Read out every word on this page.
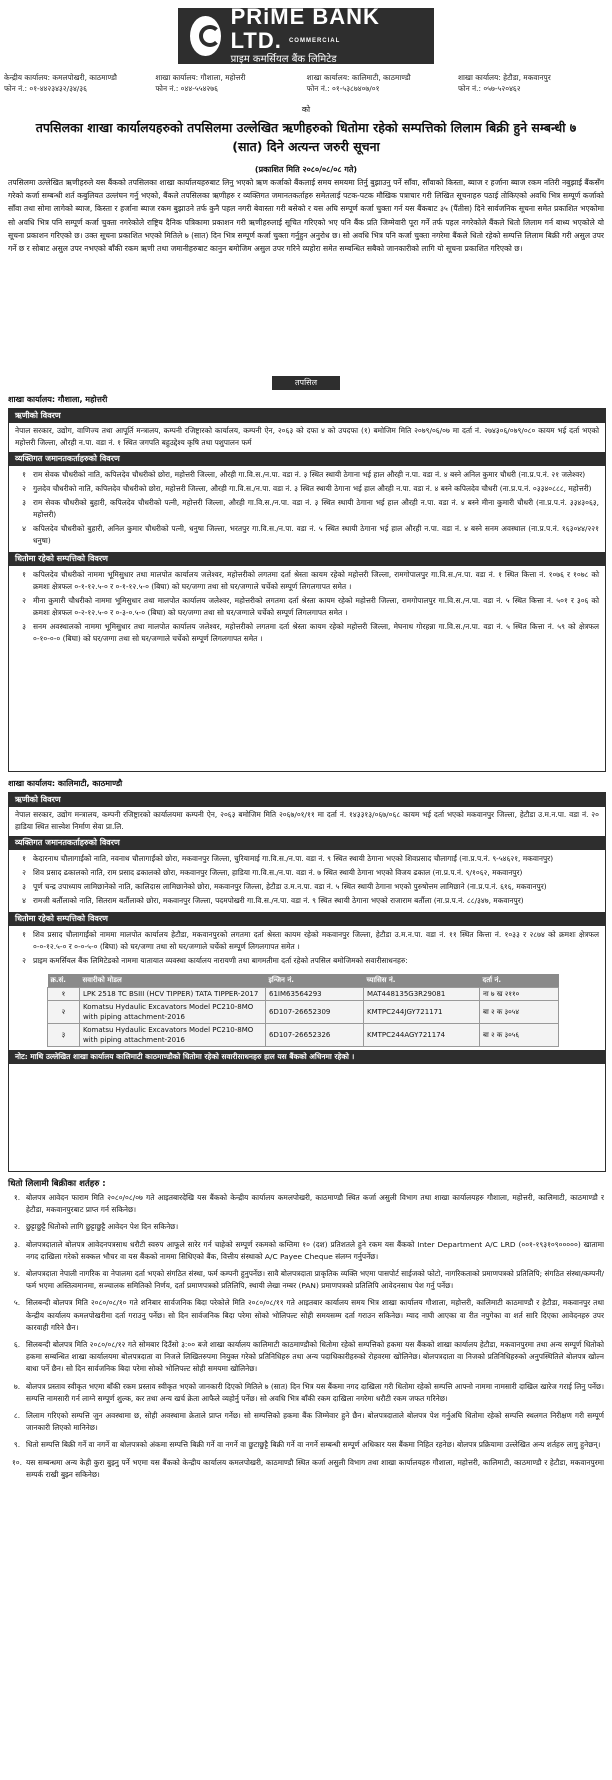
PRiME BANK LTD. $^{COMMERCIAL}$
प्राइम कमर्सियल बैंक लिमिटेड
केन्द्रीय कार्यालय: कमलपोखरी, काठमाण्डौ
फोन नं.: ०१-४४२३४३२/३४/३६
शाखा कार्यालय: गौशाला, महोत्तरी
फोन नं.: ०४४-५५४२७६
शाखा कार्यालय: कालिमाटी, काठमाण्डौ
फोन नं.: ०१-५३८७४०७/०१
शाखा कार्यालय: हेटौडा, मकवानपुर
फोन नं.: ०५७-५२०४६२
को
तपसिलका शाखा कार्यालयहरुको तपसिलमा उल्लेखित ऋणीहरुको धितोमा रहेको सम्पत्तिको लिलाम बिक्री हुने सम्बन्धी ७ (सात) दिने अत्यन्त जरुरी सूचना
(प्रकाशित मिति २०८०/०८/०८ गते)
तपसिलमा उल्लेखित ऋणीहरुले यस बैंकको तपसिलका शाखा कार्यालयहरुबाट लिनु भएको ऋण कर्जाको बैंकलाई समय समयमा तिर्नु बुझाउनु पर्ने साँवा, साँवाको किस्ता, ब्याज र हर्जाना ब्याज रकम नतिरी नबुझाई बैंकसँग गरेको कर्जा सम्बन्धी शर्त कबुलियत उल्लंघन गर्नु भएको, बैंकले तपसिलका ऋणीहरु र व्यक्तिगत जमानतकर्ताहरु समेतलाई पटक-पटक मौखिक पत्राचार गरी लिखित सूचनाहरु पठाई तोकिएको अवधि भित्र सम्पूर्ण कर्जाको साँवा तथा सोमा लागेको ब्याज, किस्ता र हर्जाना ब्याज रकम बुझाउने तर्फ कुनै पहल नगरी बेवास्ता गरी बसेको र यस अघि सम्पूर्ण कर्जा चुक्ता गर्न यस बैंकबाट ३५ (पैंतीस) दिने सार्वजनिक सूचना समेत प्रकाशित भएकोमा सो अवधि भित्र पनि सम्पूर्ण कर्जा चुक्ता नगरेकोले राष्ट्रिय दैनिक पत्रिकामा प्रकाशन गरी ऋणीहरुलाई सूचित गरिएको भए पनि बैंक प्रति जिम्मेवारी पूरा गर्ने तर्फ पहल नगरेकोले बैंकले धितो लिलाम गर्न बाध्य भएकोले यो सूचना प्रकाशन गरिएको छ। उक्त सूचना प्रकाशित भएको मितिले ७ (सात) दिन भित्र सम्पूर्ण कर्जा चुक्ता गर्नुहुन अनुरोध छ। सो अवधि भित्र पनि कर्जा चुक्ता नगरेमा बैंकले धितो रहेको सम्पत्ति लिलाम बिक्री गरी असुल उपर गर्ने छ र सोबाट असुल उपर नभएको बाँकी रकम ऋणी तथा जमानीहरुबाट कानुन बमोजिम असुल उपर गरिने व्यहोरा समेत सम्बन्धित सबैको जानकारीको लागि यो सूचना प्रकाशित गरिएको छ।
तपसिल
शाखा कार्यालय: गौशाला, महोत्तरी
ऋणीको विवरण
नेपाल सरकार, उद्योग, वाणिज्य तथा आपूर्ति मन्त्रालय, कम्पनी रजिष्ट्रारको कार्यालय, कम्पनी ऐन, २०६३ को दफा ४ को उपदफा (१) बमोजिम मिति २०७९/०६/०७ मा दर्ता नं. २७४३०६/०७९/०८० कायम भई दर्ता भएको महोत्तरी जिल्ला, औरही न.पा. वडा नं. १ स्थित जगपति बहुउद्देश्य कृषि तथा पशुपालन फर्म
व्यक्तिगत जमानतकर्ताहरुको विवरण
१ राम सेवक चौधरीको नाति, कपिलदेव चौधरीको छोरा, महोत्तरी जिल्ला, औरही गा.वि.स./न.पा. वडा नं. ३ स्थित स्थायी ठेगाना भई हाल औरही न.पा. वडा नं. ४ बस्ने अनिल कुमार चौधरी (ना.प्र.प.नं. २१ जलेश्वर)
२ गुलदेव चौधरीको नाति, कपिलदेव चौधरीको छोरा, महोत्तरी जिल्ला, औरही गा.वि.स./न.पा. वडा नं. ३ स्थित स्थायी ठेगाना भई हाल औरही न.पा. वडा नं. ४ बस्ने कपिलदेव चौधरी (ना.प्र.प.नं. ०३३४०८८८, महोत्तरी)
३ राम सेवक चौधरीको बुहारी, कपिलदेव चौधरीको पत्नी, महोत्तरी जिल्ला, औरही गा.वि.स./न.पा. वडा नं. ३ स्थित स्थायी ठेगाना भई हाल औरही न.पा. वडा नं. ४ बस्ने मीना कुमारी चौधरी (ना.प्र.प.नं. ३३४३०६३, महोत्तरी)
४ कपिलदेव चौधरीको बुहारी, अनिल कुमार चौधरीको पत्नी, धनुषा जिल्ला, भरतपुर गा.वि.स./न.पा. वडा नं. ५ स्थित स्थायी ठेगाना भई हाल औरही न.पा. वडा नं. ४ बस्ने सनम अवस्थाल (ना.प्र.प.नं. १६३०४४/२२१ धनुषा)
धितोमा रहेको सम्पत्तिको विवरण
१ कपिलदेव चौधरीको नाममा भूमिसुधार तथा मालपोत कार्यालय जलेश्वर, महोत्तरीको लगतमा दर्ता श्रेस्ता कायम रहेको महोत्तरी जिल्ला, रामगोपालपुर गा.वि.स./न.पा. वडा नं. १ स्थित कित्ता नं. १०७६ र १०७८ को क्रमशः क्षेत्रफल ०-१-१२.५-० र ०-१-१२.५-० (बिघा) को घर/जग्गा तथा सो घर/जग्गाले चर्चेको सम्पूर्ण लिगलगापत समेत ।
२ मीना कुमारी चौधरीको नाममा भूमिसुधार तथा मालपोत कार्यालय जलेश्वर, महोत्तरीको लगतमा दर्ता श्रेस्ता कायम रहेको महोत्तरी जिल्ला, रामगोपालपुर गा.वि.स./न.पा. वडा नं. ५ स्थित कित्ता नं. ५०१ र ३०६ को क्रमशः क्षेत्रफल ०-२-१२.५-० र ०-३-०.५-० (बिघा) को घर/जग्गा तथा सो घर/जग्गाले चर्चेको सम्पूर्ण लिगलगापत समेत ।
३ सनम अवस्थालको नाममा भूमिसुधार तथा मालपोत कार्यालय जलेश्वर, महोत्तरीको लगतमा दर्ता श्रेस्ता कायम रहेको महोत्तरी जिल्ला, मेघनाथ गोरहन्ना गा.वि.स./न.पा. वडा नं. ५ स्थित कित्ता नं. ५९ को क्षेत्रफल ०-१०-०-० (बिघा) को घर/जग्गा तथा सो घर/जग्गाले चर्चेको सम्पूर्ण लिगलगापत समेत ।
शाखा कार्यालय: कालिमाटी, काठमाण्डौ
ऋणीको विवरण
नेपाल सरकार, उद्योग मन्त्रालय, कम्पनी रजिष्ट्रारको कार्यालयमा कम्पनी ऐन, २०६३ बमोजिम मिति २०६७/०१/११ मा दर्ता नं. १४३३१३/०६७/०६८ कायम भई दर्ता भएको मकवानपुर जिल्ला, हेटौडा उ.म.न.पा. वडा नं. २० हाडिया स्थित सात्त्वेश निर्माण सेवा प्रा.लि.
व्यक्तिगत जमानतकर्ताहरुको विवरण
१ केदारनाथ चौलागाईंको नाति, नवनाथ चौलागाईंको छोरा, मकवानपुर जिल्ला, चुरियामाई गा.वि.स./न.पा. वडा नं. ९ स्थित स्थायी ठेगाना भएको शिवप्रसाद चौलागाईं (ना.प्र.प.नं. ९-५४६२१, मकवानपुर)
२ शिव प्रसाद ढकालको नाति, राम प्रसाद ढकालको छोरा, मकवानपुर जिल्ला, हाडिया गा.वि.स./न.पा. वडा नं. ७ स्थित स्थायी ठेगाना भएको विजय ढकाल (ना.प्र.प.नं. ९/१०६२, मकवानपुर)
३ पूर्ण चन्द्र उपाध्याय लामिछानेको नाति, कालिदास लामिछानेको छोरा, मकवानपुर जिल्ला, हेटौडा उ.म.न.पा. वडा नं. ५ स्थित स्थायी ठेगाना भएको पुरुषोत्तम लामिछाने (ना.प्र.प.नं. ६१६, मकवानपुर)
४ रामजी बर्तौलाको नाति, सितराम बर्तौलाको छोरा, मकवानपुर जिल्ला, पदमपोखरी गा.वि.स./न.पा. वडा नं. ९ स्थित स्थायी ठेगाना भएको राजाराम बर्तौला (ना.प्र.प.नं. ८८/३४७, मकवानपुर)
धितोमा रहेको सम्पत्तिको विवरण
१ शिव प्रसाद चौलागाईंको नाममा मालपोत कार्यालय हेटौडा, मकवानपुरको लगतमा दर्ता श्रेस्ता कायम रहेको मकवानपुर जिल्ला, हेटौडा उ.म.न.पा. वडा नं. ११ स्थित कित्ता नं. १०३३ र २८७४ को क्रमशः क्षेत्रफल ०-०-१२.५-० र ०-०-५-० (बिघा) को घर/जग्गा तथा सो घर/जग्गाले चर्चेको सम्पूर्ण लिगलगापत समेत ।
२ प्राइम कमर्सियल बैंक लिमिटेडको नाममा यातायात व्यवस्था कार्यालय नारायणी तथा बागमतीमा दर्ता रहेको तपसिल बमोजिमको सवारीसाधनहरु:
क्र.सं.	सवारीको मोडल	इन्जिन नं.	च्यासिस नं.	दर्ता नं.
१	LPK 2518 TC BSIII (HCV TIPPER) TATA TIPPER-2017	61IM63564293	MAT448135G3R29081	ना ७ ख २११०
२	Komatsu Hydaulic Excavators Model PC210-8MO with piping attachment-2016	6D107-26652309	KMTPC244JGY721171	बा २ क ३०५४
३	Komatsu Hydaulic Excavators Model PC210-8MO with piping attachment-2016	6D107-26652326	KMTPC244AGY721174	बा २ क ३०५६
नोट: माथि उल्लेखित शाखा कार्यालय कालिमाटी काठमाण्डौको धितोमा रहेको सवारीसाधनहरु हाल यस बैंकको अधिनमा रहेको ।
धितो लिलामी बिक्रीका शर्तहरु :
१. बोलपत्र आवेदन फाराम मिति २०८०/०८/०७ गते आइतबारदेखि यस बैंकको केन्द्रीय कार्यालय कमलपोखरी, काठमाण्डौ स्थित कर्जा असुली विभाग तथा शाखा कार्यालयहरु गौशाला, महोत्तरी, कालिमाटी, काठमाण्डौ र हेटौडा, मकवानपुरबाट प्राप्त गर्न सकिनेछ।
२. छुट्टाछुट्टै धितोको लागि छुट्टाछुट्टै आवेदन पेश दिन सकिनेछ।
३. बोलपत्रदाताले बोलपत्र आवेदनपत्रसाथ धरौटी स्वरुप आफूले सारेर गर्न चाहेको सम्पूर्ण रकमको कम्तिमा १० (दश) प्रतिशतले हुने रकम यस बैंकको Inter Department A/C LRD (००१-१९३१०९०००००) खातामा नगद दाखिला गरेको सक्कल भौचर वा यस बैंकको नाममा सिधिएको बैंक, वित्तीय संस्थाको A/C Payee Cheque संलग्न गर्नुपर्नेछ।
४. बोलपत्रदाता नेपाली नागरिक वा नेपालमा दर्ता भएको संगठित संस्था, फर्म कम्पनी हुनुपर्नेछ। सावै बोलपत्रदाता प्राकृतिक व्यक्ति भएमा पासपोर्ट साईजको फोटो, नागरिकताको प्रमाणपत्रको प्रतिलिपि; संगठित संस्था/कम्पनी/फर्म भएमा अस्तित्वमानमा, सञ्चालक समितिको निर्णय, दर्ता प्रमाणपत्रको प्रतिलिपि, स्थायी लेखा नम्बर (PAN) प्रमाणपत्रको प्रतिलिपि आवेदनसाथ पेश गर्नु पर्नेछ।
५. सिलबन्दी बोलपत्र मिति २०८०/०८/१० गते शनिबार सार्वजनिक बिदा परेकोले मिति २०८०/०८/११ गते आइतबार कार्यालय समय भित्र शाखा कार्यालय गौशाला, महोत्तरी, कालिमाटी काठमाण्डौ र हेटौडा, मकवानपुर तथा केन्द्रीय कार्यालय कमलपोखरीमा दर्ता गराउनु पर्नेछ। सो दिन सार्वजनिक बिदा परेमा सोको भोलिपल्ट सोही समयसम्म दर्ता गराउन सकिनेछ। म्याद नाघी आएका वा रीत नपुगेका वा शर्त सारि दिएका आवेदनहरु उपर कारवाही गरिने छैन।
६. सिलबन्दी बोलपत्र मिति २०८०/०८/१२ गते सोमबार दिउँसो ३:०० बजे शाखा कार्यालय कालिमाटी काठमाण्डौको धितोमा रहेको सम्पत्तिको हकमा यस बैंकको शाखा कार्यालय हेटौडा, मकवानपुरमा तथा अन्य सम्पूर्ण धितोको हकमा सम्बन्धित शाखा कार्यालयमा बोलपत्रदाता वा निजले लिखितरुपमा नियुक्त गरेको प्रतिनिधिहरु तथा अन्य पदाधिकारीहरुको रोहवरमा खोलिनेछ। बोलपत्रदाता वा निजको प्रतिनिधिहरुको अनुपस्थितिले बोलपत्र खोल्न बाधा पर्ने छैन। सो दिन सार्वजनिक बिदा परेमा सोको भोलिपल्ट सोही समयमा खोलिनेछ।
७. बोलपत्र प्रस्ताव स्वीकृत भएमा बाँकी रकम प्रस्ताव स्वीकृत भएको जानकारी दिएको मितिले ७ (सात) दिन भित्र यस बैंकमा नगद दाखिला गरी धितोमा रहेको सम्पत्ति आफ्नो नाममा नामसारी दाखिल खारेज गराई लिनु पर्नेछ। सम्पत्ति नामसारी गर्न लाग्ने सम्पूर्ण शुल्क, कर तथा अन्य खर्च क्रेता आफैले व्यहोर्नु पर्नेछ। सो अवधि भित्र बाँकी रकम दाखिला नगरेमा धरौटी रकम जफत गरिनेछ।
८. लिलाम गरिएको सम्पत्ति जुन अवस्थामा छ, सोही अवस्थामा क्रेताले प्राप्त गर्नेछ। सो सम्पत्तिको हकमा बैंक जिम्मेवार हुने छैन। बोलपत्रदाताले बोलपत्र पेश गर्नुअघि धितोमा रहेको सम्पत्ति स्थलगत निरीक्षण गरी सम्पूर्ण जानकारी लिएको मानिनेछ।
९. धितो सम्पत्ति बिक्री गर्ने वा नगर्ने वा बोलपत्रको अंकमा सम्पत्ति बिक्री गर्ने वा नगर्ने वा छुटाछुट्टै बिक्री गर्ने वा नगर्ने सम्बन्धी सम्पूर्ण अधिकार यस बैंकमा निहित रहनेछ। बोलपत्र प्रक्रियामा उल्लेखित अन्य शर्तहरु लागु हुनेछन्।
१०. यस सम्बन्धमा अन्य केही कुरा बुझ्नु पर्ने भएमा यस बैंकको केन्द्रीय कार्यालय कमलपोखरी, काठमाण्डौ स्थित कर्जा असुली विभाग तथा शाखा कार्यालयहरु गौशाला, महोत्तरी, कालिमाटी, काठमाण्डौ र हेटौडा, मकवानपुरमा सम्पर्क राखी बुझ्न सकिनेछ।
